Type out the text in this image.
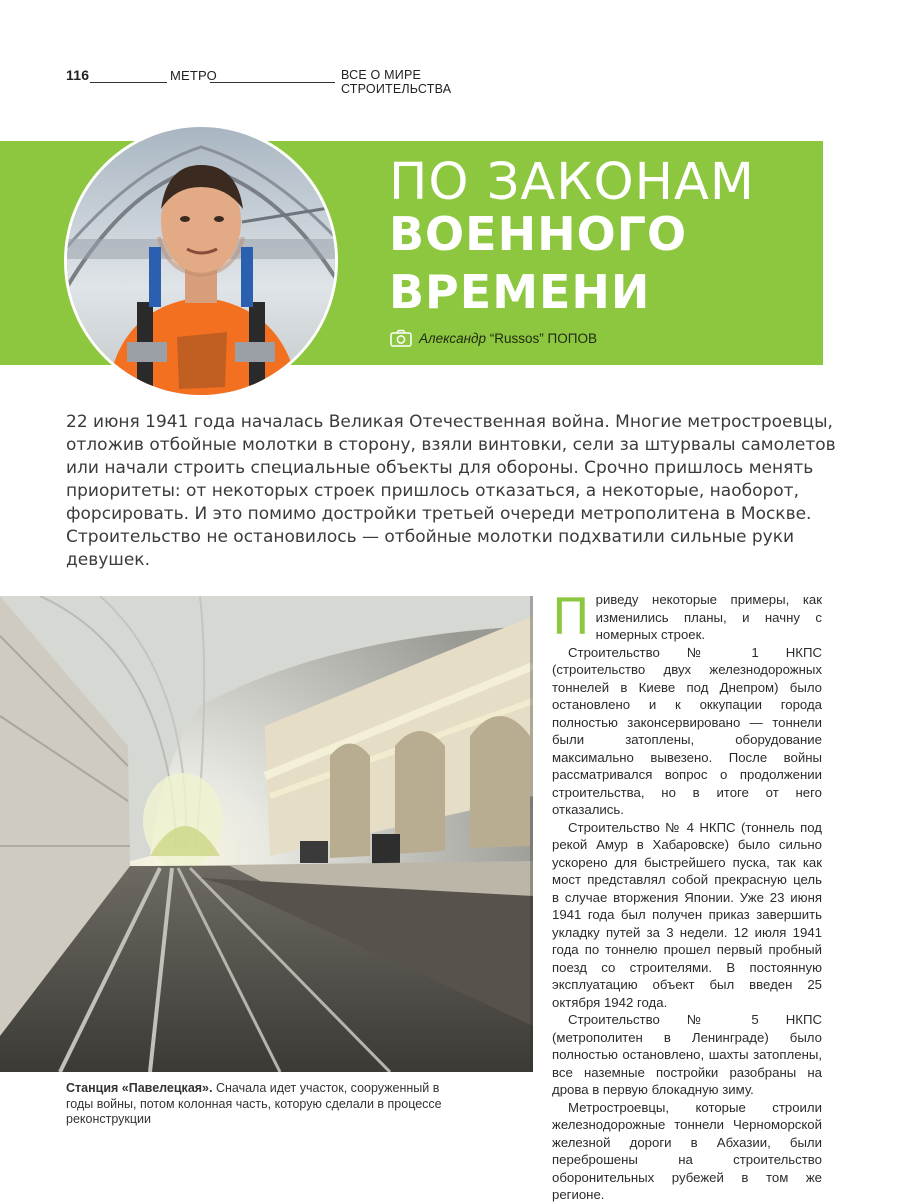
116	МЕТРО	ВСЕ О МИРЕ СТРОИТЕЛЬСТВА
ПО ЗАКОНАМ
ВОЕННОГО
ВРЕМЕНИ
Александр “Russos” ПОПОВ

22 июня 1941 года началась Великая Отечественная война. Многие метростроевцы, отложив отбойные молотки в сторону, взяли винтовки, сели за штурвалы самолетов или начали строить специальные объекты для обороны. Срочно пришлось менять приоритеты: от некоторых строек пришлось отказаться, а некоторые, наоборот, форсировать. И это помимо достройки третьей очереди метрополитена в Москве. Строительство не остановилось — отбойные молотки подхватили сильные руки девушек.

Станция «Павелецкая». Сначала идет участок, сооруженный в годы войны, потом колонная часть, которую сделали в процессе реконструкции

Приведу некоторые примеры, как изменились планы, и начну с номерных строек.

Строительство № 1 НКПС (строительство двух железнодорожных тоннелей в Киеве под Днепром) было остановлено и к оккупации города полностью законсервировано — тоннели были затоплены, оборудование максимально вывезено. После войны рассматривался вопрос о продолжении строительства, но в итоге от него отказались.

Строительство № 4 НКПС (тоннель под рекой Амур в Хабаровске) было сильно ускорено для быстрейшего пуска, так как мост представлял собой прекрасную цель в случае вторжения Японии. Уже 23 июня 1941 года был получен приказ завершить укладку путей за 3 недели. 12 июля 1941 года по тоннелю прошел первый пробный поезд со строителями. В постоянную эксплуатацию объект был введен 25 октября 1942 года.

Строительство № 5 НКПС (метрополитен в Ленинграде) было полностью остановлено, шахты затоплены, все наземные постройки разобраны на дрова в первую блокадную зиму.

Метростроевцы, которые строили железнодорожные тоннели Черноморской железной дороги в Абхазии, были переброшены на строительство оборонительных рубежей в том же регионе.
